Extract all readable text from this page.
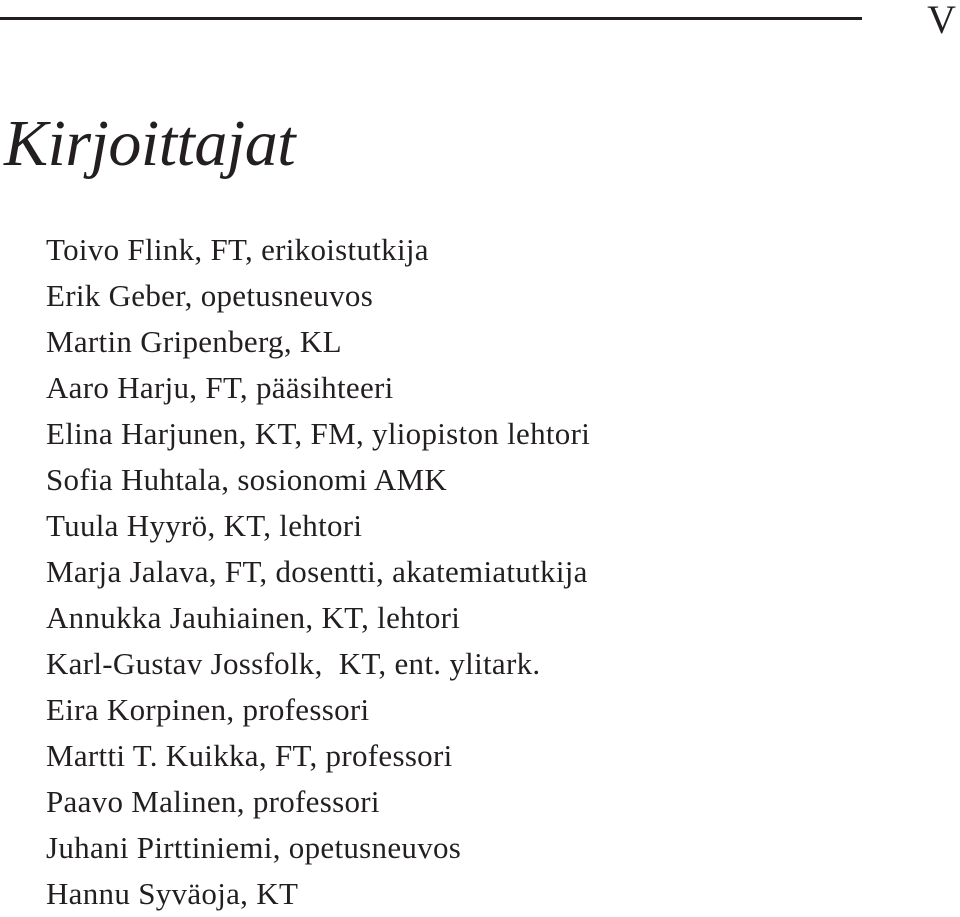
V
Kirjoittajat
Toivo Flink, FT, erikoistutkija
Erik Geber, opetusneuvos
Martin Gripenberg, KL
Aaro Harju, FT, pääsihteeri
Elina Harjunen, KT, FM, yliopiston lehtori
Sofia Huhtala, sosionomi AMK
Tuula Hyyrö, KT, lehtori
Marja Jalava, FT, dosentti, akatemiatutkija
Annukka Jauhiainen, KT, lehtori
Karl-Gustav Jossfolk,  KT, ent. ylitark.
Eira Korpinen, professori
Martti T. Kuikka, FT, professori
Paavo Malinen, professori
Juhani Pirttiniemi, opetusneuvos
Hannu Syväoja, KT
